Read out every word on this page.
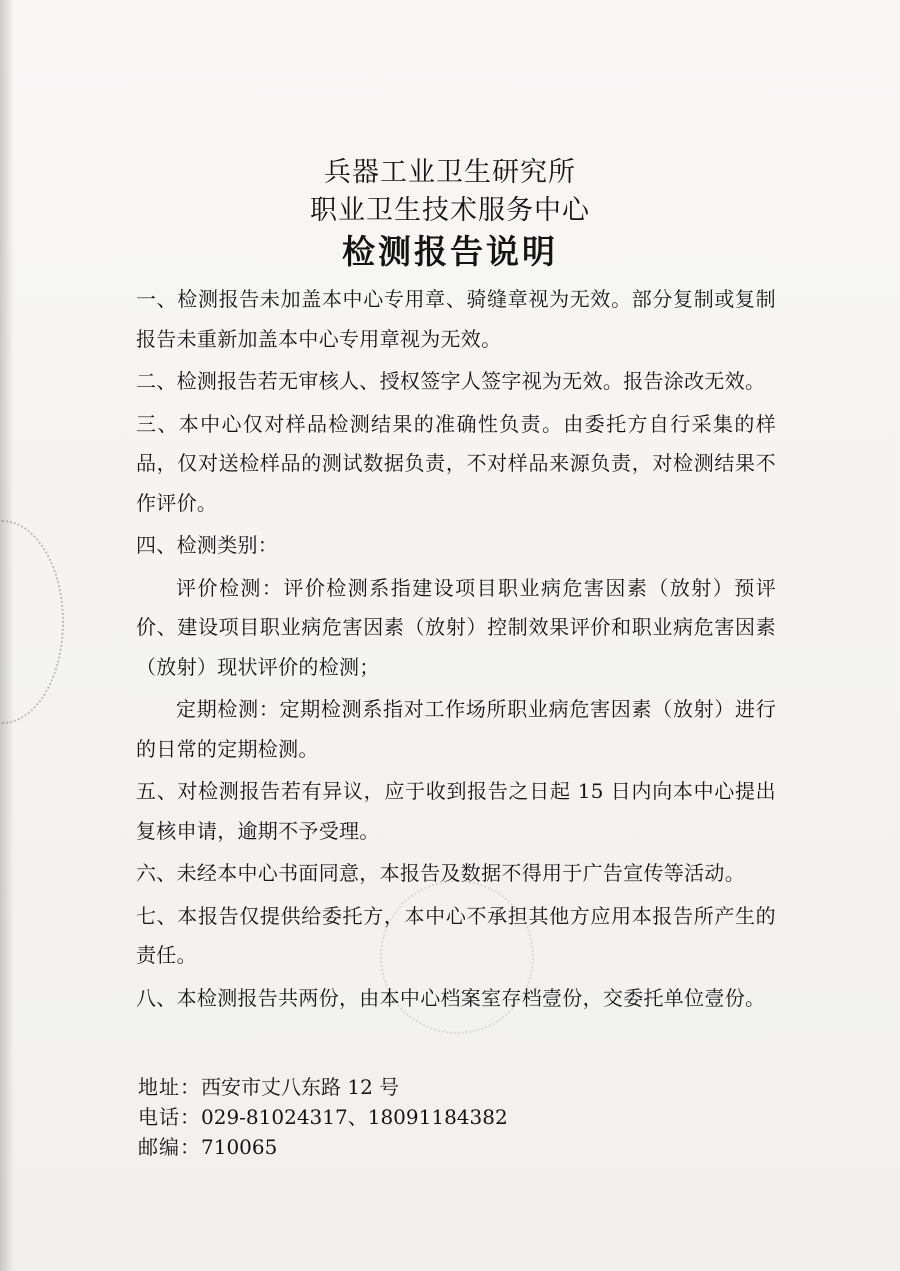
兵器工业卫生研究所
职业卫生技术服务中心
检测报告说明

一、检测报告未加盖本中心专用章、骑缝章视为无效。部分复制或复制报告未重新加盖本中心专用章视为无效。

二、检测报告若无审核人、授权签字人签字视为无效。报告涂改无效。

三、本中心仅对样品检测结果的准确性负责。由委托方自行采集的样品，仅对送检样品的测试数据负责，不对样品来源负责，对检测结果不作评价。

四、检测类别：

评价检测：评价检测系指建设项目职业病危害因素（放射）预评价、建设项目职业病危害因素（放射）控制效果评价和职业病危害因素（放射）现状评价的检测；

定期检测：定期检测系指对工作场所职业病危害因素（放射）进行的日常的定期检测。

五、对检测报告若有异议，应于收到报告之日起 15 日内向本中心提出复核申请，逾期不予受理。

六、未经本中心书面同意，本报告及数据不得用于广告宣传等活动。

七、本报告仅提供给委托方，本中心不承担其他方应用本报告所产生的责任。

八、本检测报告共两份，由本中心档案室存档壹份，交委托单位壹份。

地址：西安市丈八东路 12 号
电话：029-81024317、18091184382
邮编：710065
